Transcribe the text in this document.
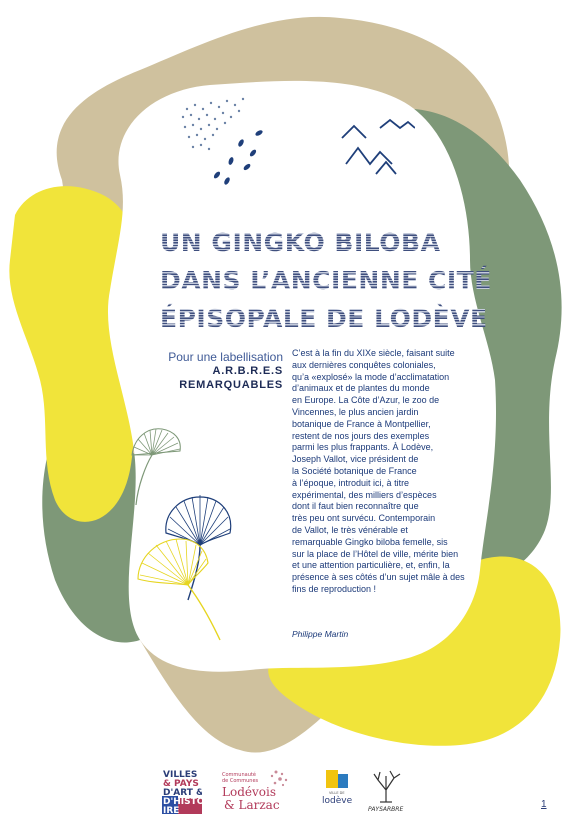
UN GINGKO BILOBA
DANS L’ANCIENNE CITÉ
ÉPISOPALE DE LODÈVE
Pour une labellisation
A.R.B.R.E.S
REMARQUABLES
C’est à la fin du XIXe siècle, faisant suite
aux dernières conquêtes coloniales,
qu’a «explosé» la mode d’acclimatation
d’animaux et de plantes du monde
en Europe. La Côte d’Azur, le zoo de
Vincennes, le plus ancien jardin
botanique de France à Montpellier,
restent de nos jours des exemples
parmi les plus frappants. À Lodève,
Joseph Vallot, vice président de
la Société botanique de France
à l’époque, introduit ici, à titre
expérimental, des milliers d’espèces
dont il faut bien reconnaître que
très peu ont survécu. Contemporain
de Vallot, le très vénérable et
remarquable Gingko biloba femelle, sis
sur la place de l’Hôtel de ville, mérite bien
et une attention particulière, et, enfin, la
présence à ses côtés d’un sujet mâle à des
fins de reproduction !
Philippe Martin
VILLES
& PAYS
D'ART &
D'HISTO
IRE
Communauté
de Communes
Lodévois
& Larzac
VILLE DE
lodève
PAYSARBRE	1
